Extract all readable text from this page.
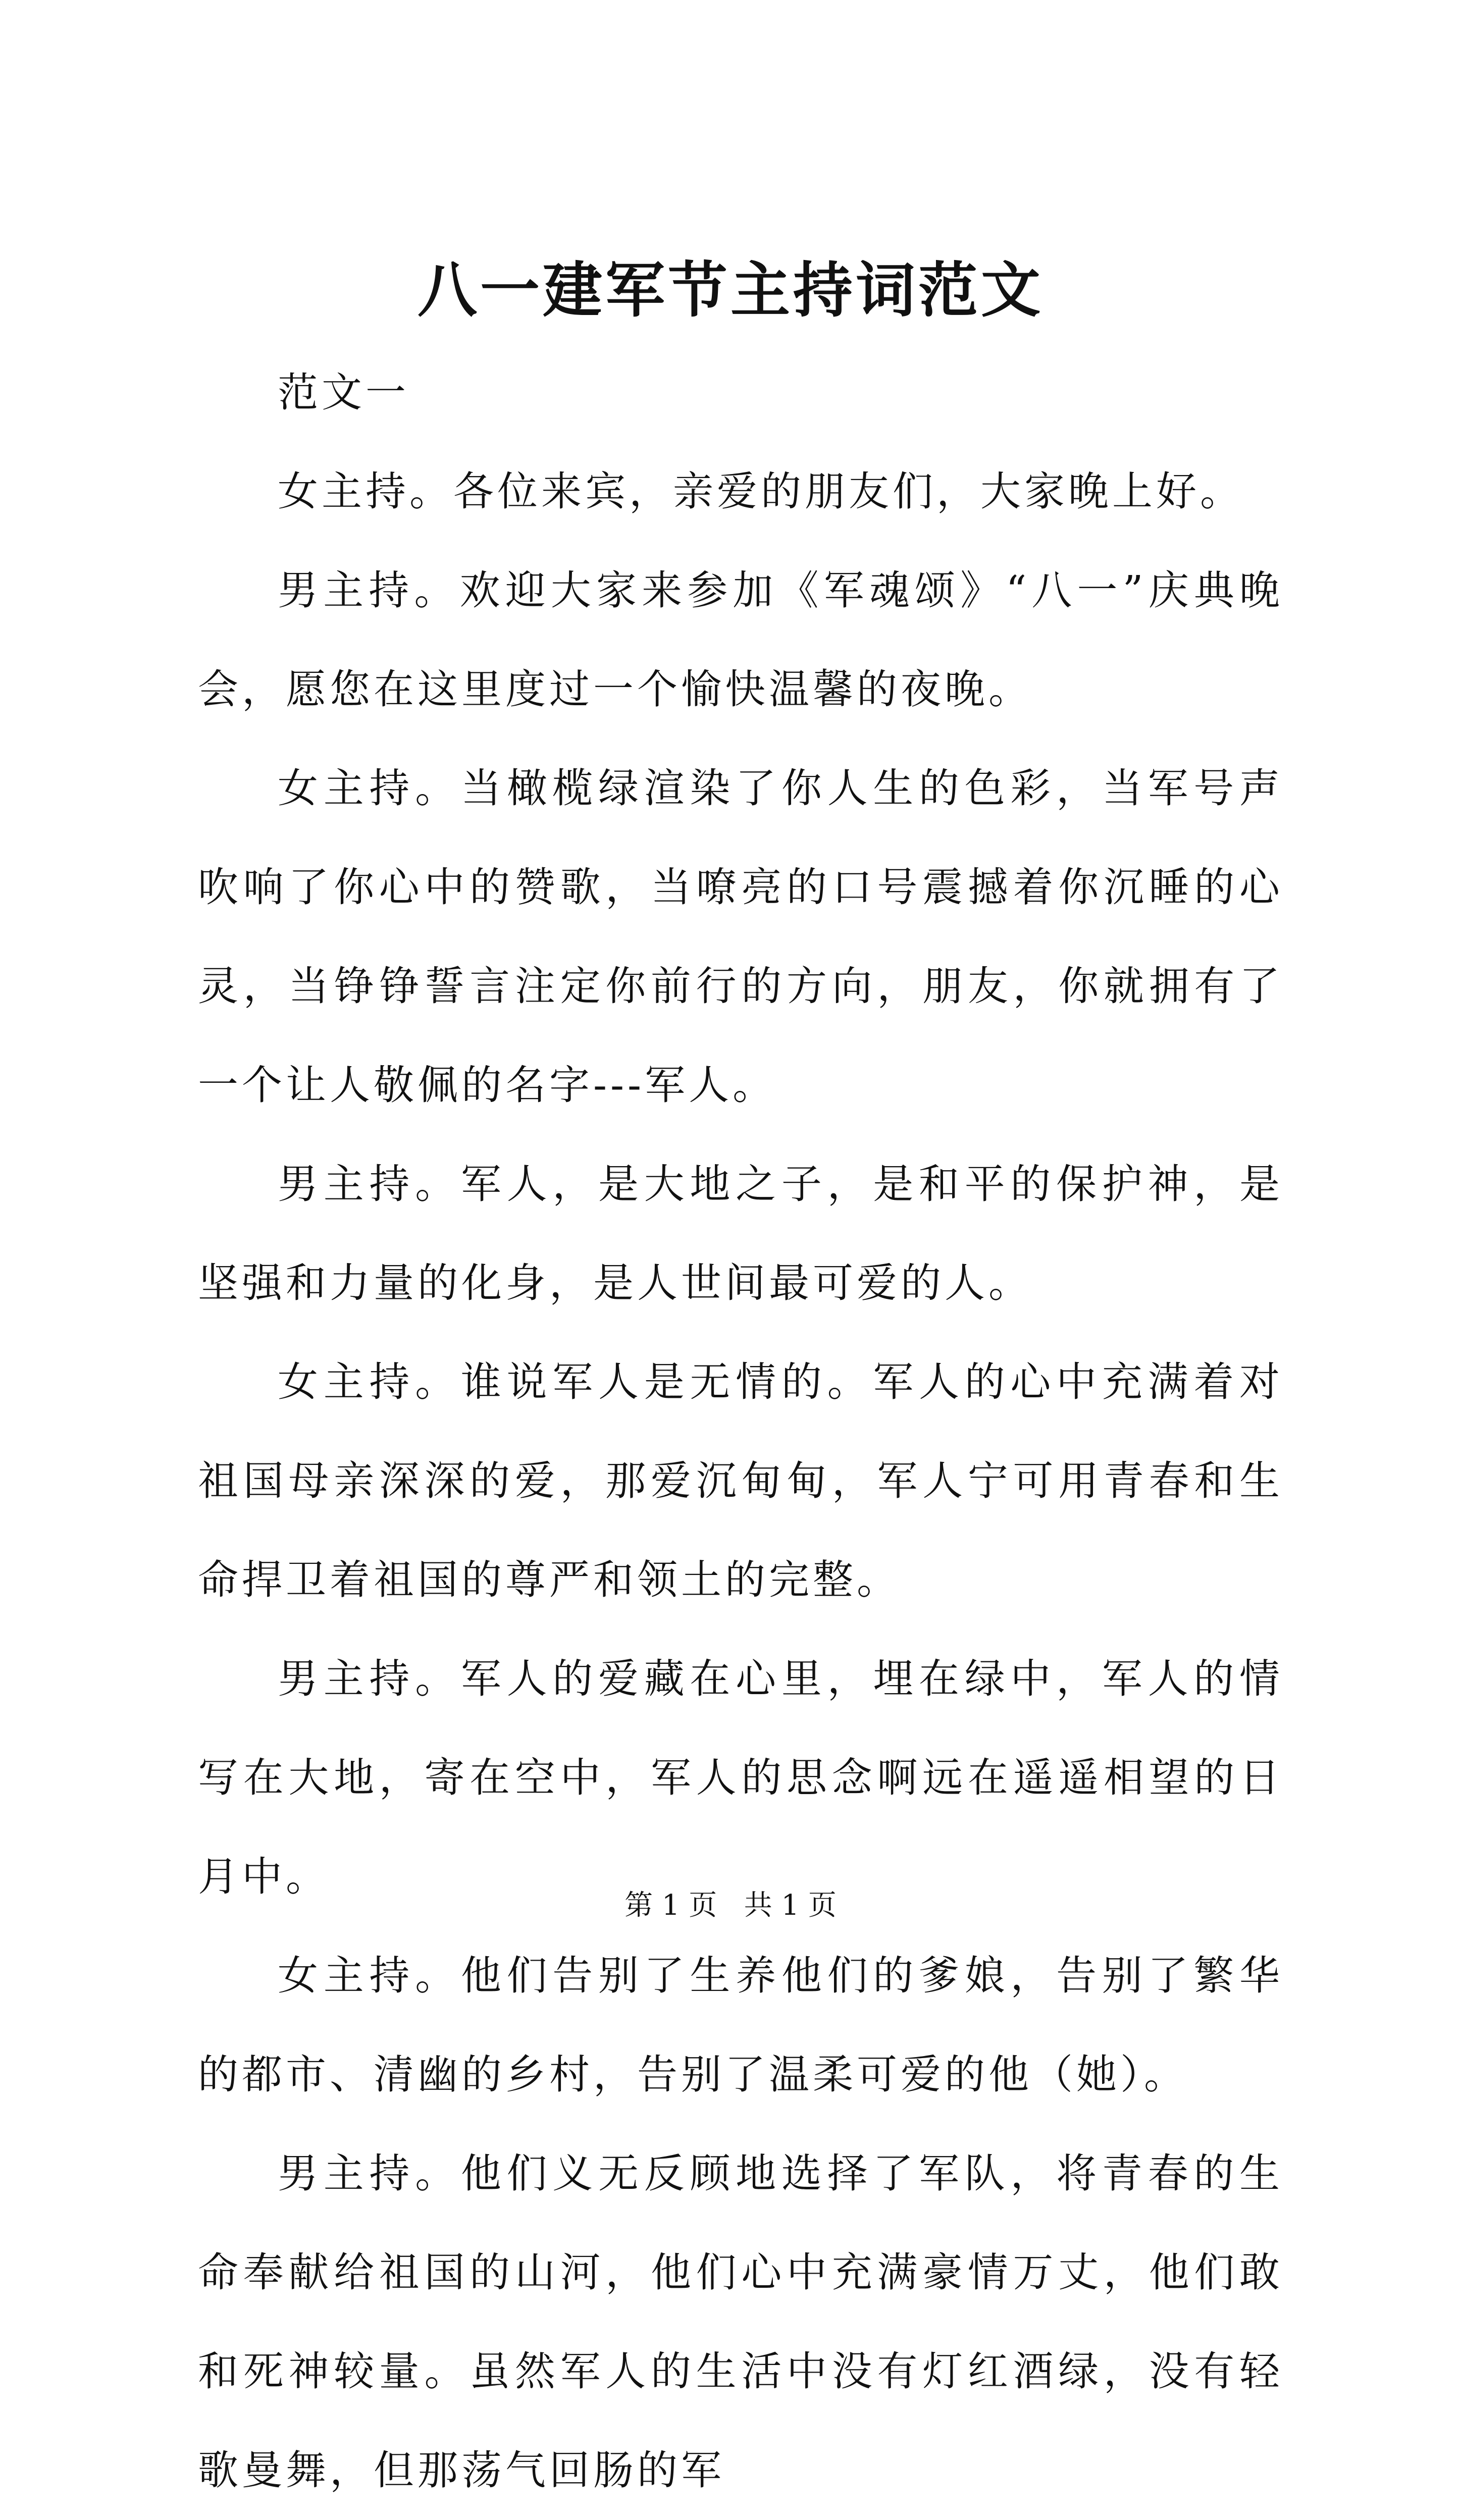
八一建军节主持词范文

范文一

女主持。各位来宾，亲爱的朋友们，大家晚上好。

男主持。欢迎大家来参加《军魂颂》“八一”庆典晚会，愿您在这里度过一个愉快温馨的夜晚。

女主持。当橄榄绿渲染了你人生的色彩，当军号声吹响了你心中的赞歌，当嘹亮的口号震撼着你沉睡的心灵，当铮铮誓言注定你前行的方向，朋友，你就拥有了一个让人敬佩的名字---军人。

男主持。军人，是大地之子，是和平的保护神，是坚强和力量的化身，是人世间最可爱的人。

女主持。谁说军人是无情的。军人的心中充满着对祖国母亲深深的爱，那爱沉甸甸，军人宁可用青春和生命捍卫着祖国的尊严和领土的完整。

男主持。军人的爱藏在心里，埋在绿中，军人的情写在大地，寄在空中，军人的思念啊远在遥遥相望的日月中。

女主持。他们告别了生养他们的爹娘，告别了繁华的都市、清幽的乡村，告别了温柔可爱的他（她）。

男主持。他们义无反顾地选择了军队，将青春的生命奉献给祖国的山河，他们心中充满豪情万丈，他们敢和死神较量。虽然军人的生活中没有灯红酒绿，没有轻歌曼舞，但那荡气回肠的军

第 1 页   共 1 页
